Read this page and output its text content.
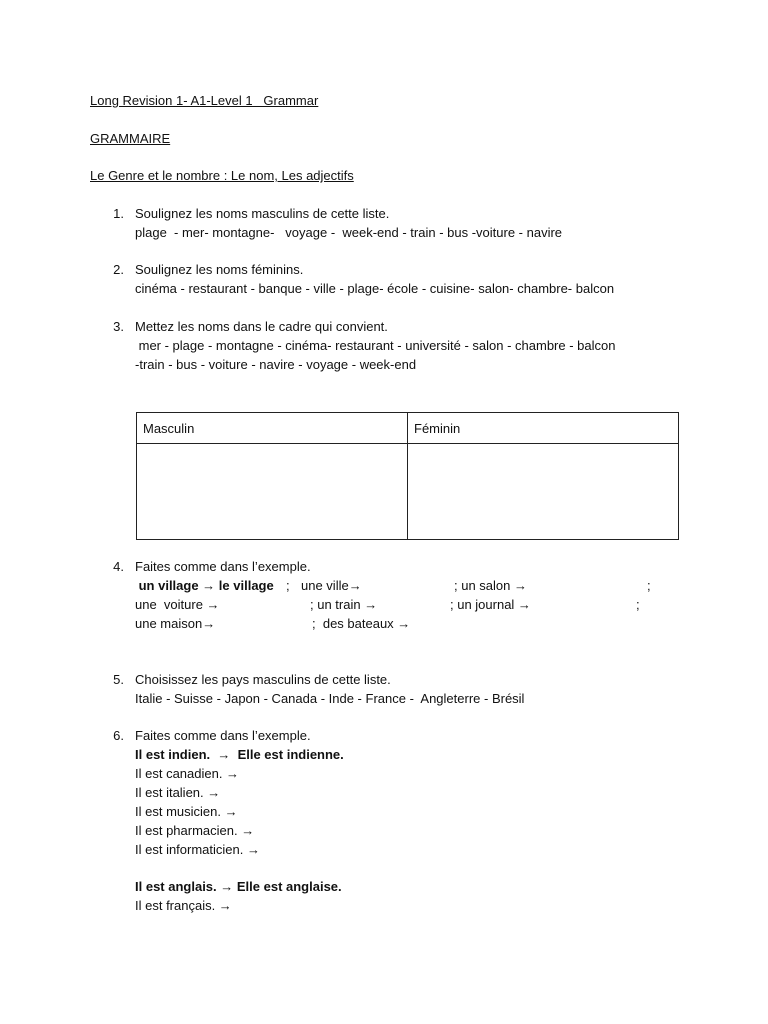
Long Revision 1- A1-Level 1   Grammar
GRAMMAIRE
Le Genre et le nombre : Le nom, Les adjectifs
1. Soulignez les noms masculins de cette liste.
plage  - mer- montagne-   voyage -  week-end - train - bus -voiture - navire
2. Soulignez les noms féminins.
cinéma - restaurant - banque - ville - plage- école - cuisine- salon- chambre- balcon
3. Mettez les noms dans le cadre qui convient.
mer - plage - montagne - cinéma- restaurant - université - salon - chambre - balcon
-train - bus - voiture - navire - voyage - week-end
Masculin	Féminin

4. Faites comme dans l’exemple.
un village → le village ; une ville→	; un salon →	;
une  voiture →	; un train →	; un journal →	;
une maison→	;  des bateaux →
5. Choisissez les pays masculins de cette liste.
Italie - Suisse - Japon - Canada - Inde - France -  Angleterre - Brésil
6. Faites comme dans l’exemple.
Il est indien.  →  Elle est indienne.
Il est canadien. →
Il est italien. →
Il est musicien. →
Il est pharmacien. →
Il est informaticien. →
Il est anglais. → Elle est anglaise.
Il est français. →
